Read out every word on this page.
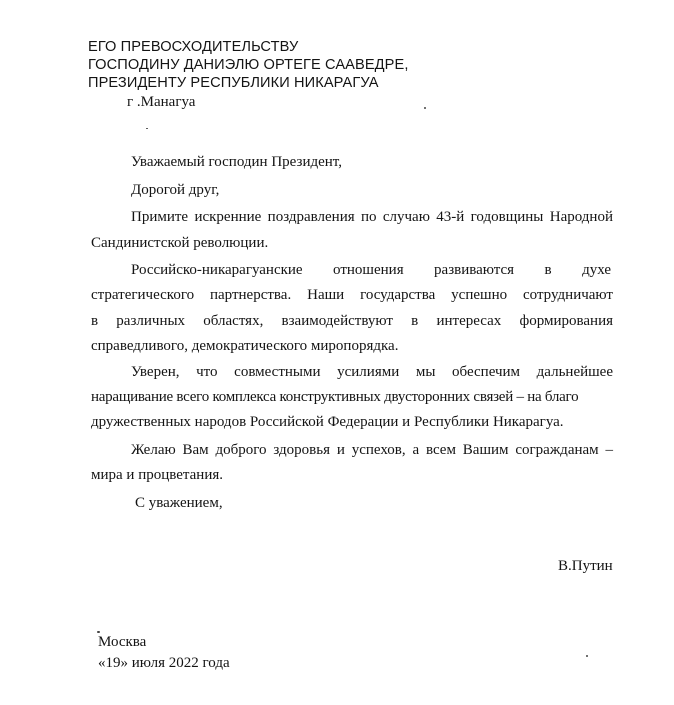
ЕГО ПРЕВОСХОДИТЕЛЬСТВУ
ГОСПОДИНУ ДАНИЭЛЮ ОРТЕГЕ СААВЕДРЕ,
ПРЕЗИДЕНТУ РЕСПУБЛИКИ НИКАРАГУА
г .Манагуа
Уважаемый господин Президент,
Дорогой друг,
Примите искренние поздравления по случаю 43-й годовщины Народной
Сандинистской революции.
Российско-никарагуанские отношения развиваются в духе
стратегического партнерства. Наши государства успешно сотрудничают
в различных областях, взаимодействуют в интересах формирования
справедливого, демократического миропорядка.
Уверен, что совместными усилиями мы обеспечим дальнейшее
наращивание всего комплекса конструктивных двусторонних связей – на благо
дружественных народов Российской Федерации и Республики Никарагуа.
Желаю Вам доброго здоровья и успехов, а всем Вашим согражданам –
мира и процветания.
С уважением,
В.Путин
Москва
«19» июля 2022 года
